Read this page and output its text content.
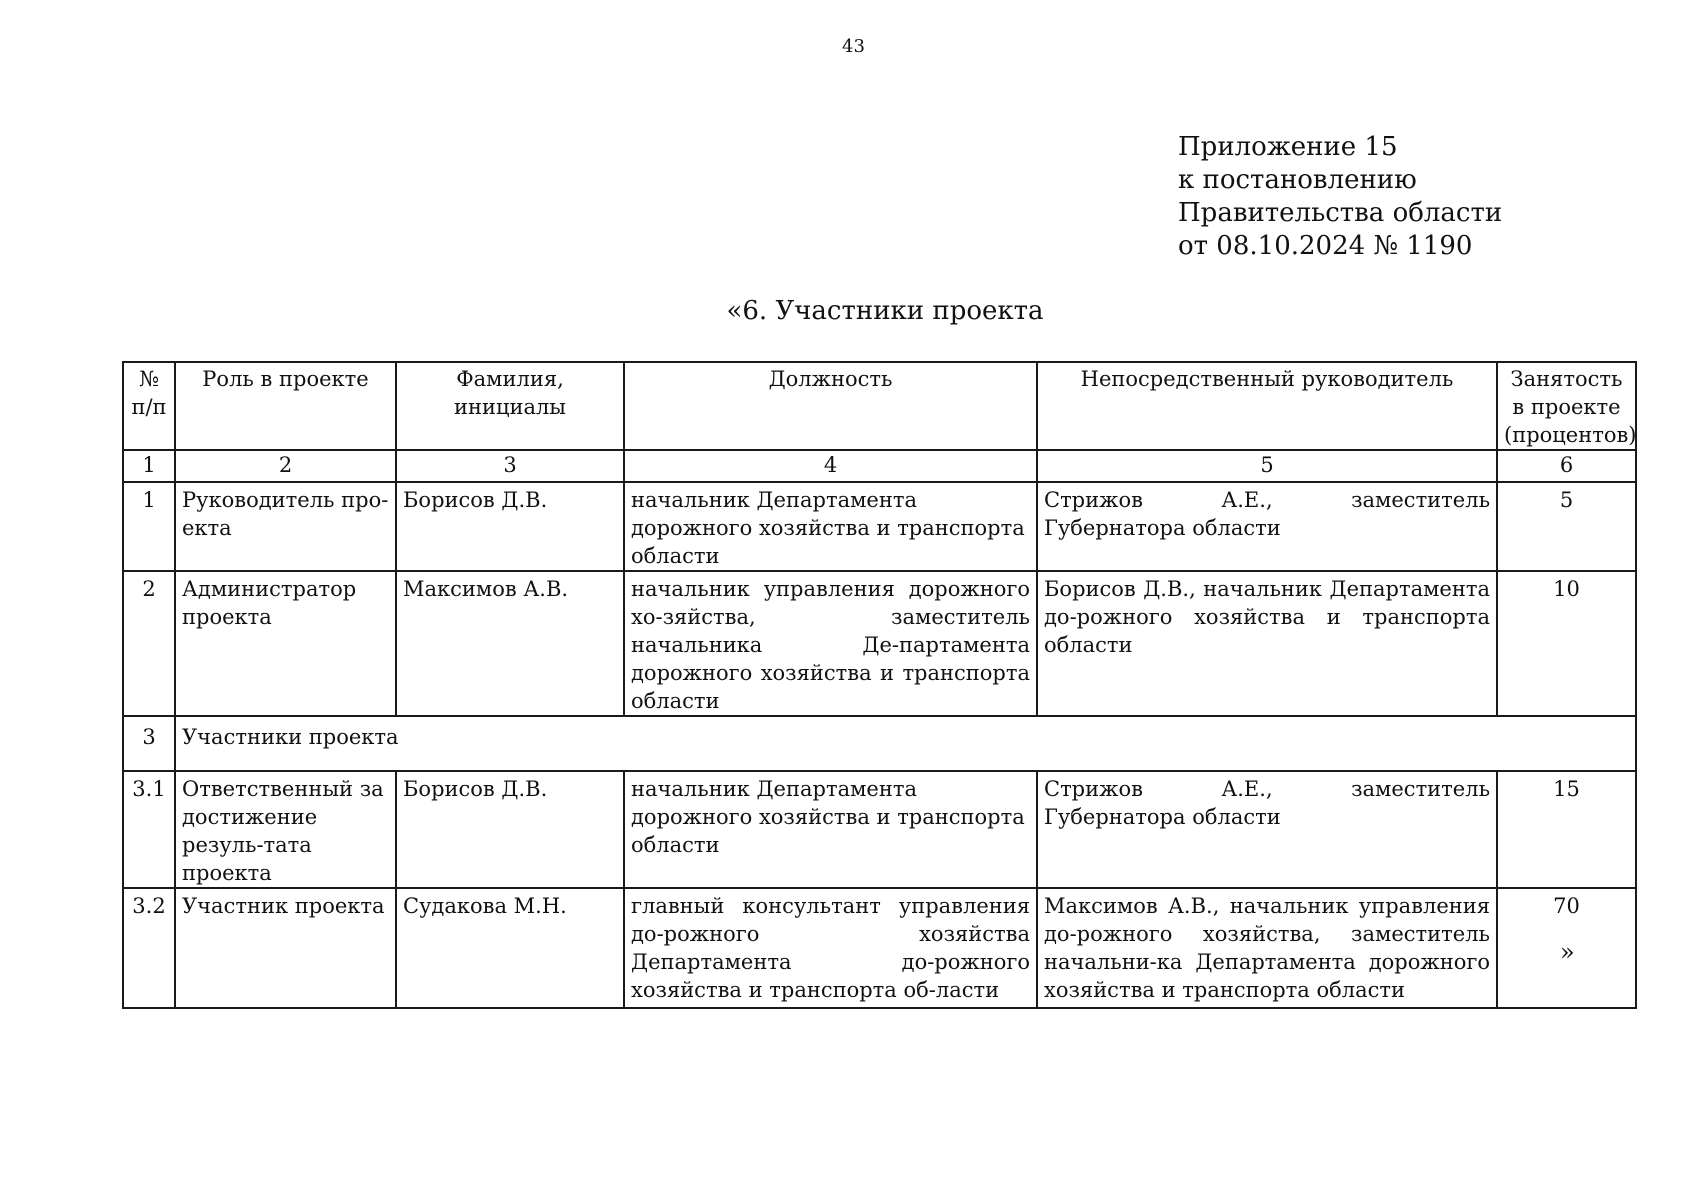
43
Приложение 15
к постановлению
Правительства области
от 08.10.2024 № 1190
«6. Участники проекта
№ п/п	Роль в проекте	Фамилия, инициалы	Должность	Непосредственный руководитель	Занятость в проекте (процентов)
1	2	3	4	5	6
1	Руководитель про-екта	Борисов Д.В.	начальник Департамента дорожного хозяйства и транспорта области	Стрижов А.Е., заместитель Губернатора области	5
2	Администратор проекта	Максимов А.В.	начальник управления дорожного хо-зяйства, заместитель начальника Де-партамента дорожного хозяйства и транспорта области	Борисов Д.В., начальник Департамента до-рожного хозяйства и транспорта области	10
3	Участники проекта				
3.1	Ответственный за достижение резуль-тата проекта	Борисов Д.В.	начальник Департамента дорожного хозяйства и транспорта области	Стрижов А.Е., заместитель Губернатора области	15
3.2	Участник проекта	Судакова М.Н.	главный консультант управления до-рожного хозяйства Департамента до-рожного хозяйства и транспорта об-ласти	Максимов А.В., начальник управления до-рожного хозяйства, заместитель начальни-ка Департамента дорожного хозяйства и транспорта области	70
»
